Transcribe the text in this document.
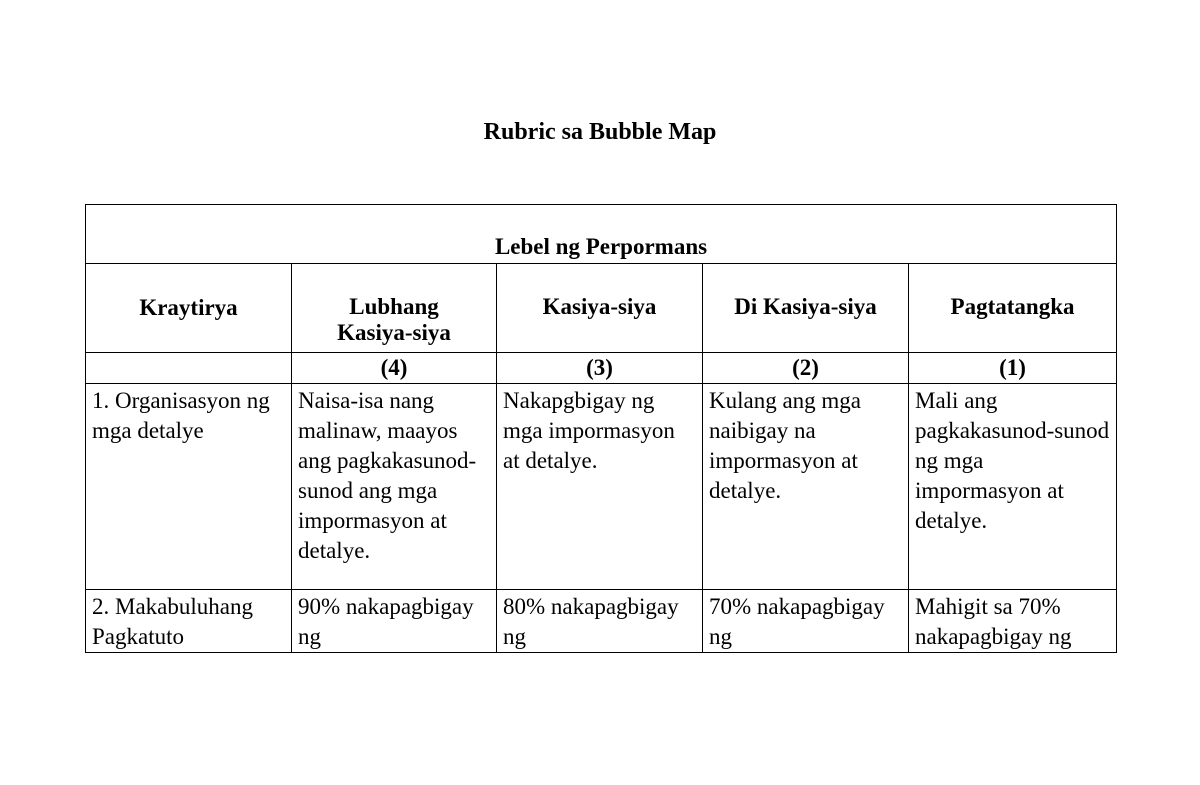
Rubric sa Bubble Map
Lebel ng Perpormans				

Kraytirya	Lubhang Kasiya-siya	Kasiya-siya	Di Kasiya-siya	Pagtatangka

	(4)	(3)	(2)	(1)

1. Organisasyon ng mga detalye	Naisa-isa nang malinaw, maayos ang pagkakasunod-sunod ang mga impormasyon at detalye.	Nakapgbigay ng mga impormasyon at detalye.	Kulang ang mga naibigay na impormasyon at detalye.	Mali ang pagkakasunod-sunod ng mga impormasyon at detalye.

2. Makabuluhang Pagkatuto	90% nakapagbigay ng	80% nakapagbigay ng	70% nakapagbigay ng	Mahigit sa 70% nakapagbigay ng
